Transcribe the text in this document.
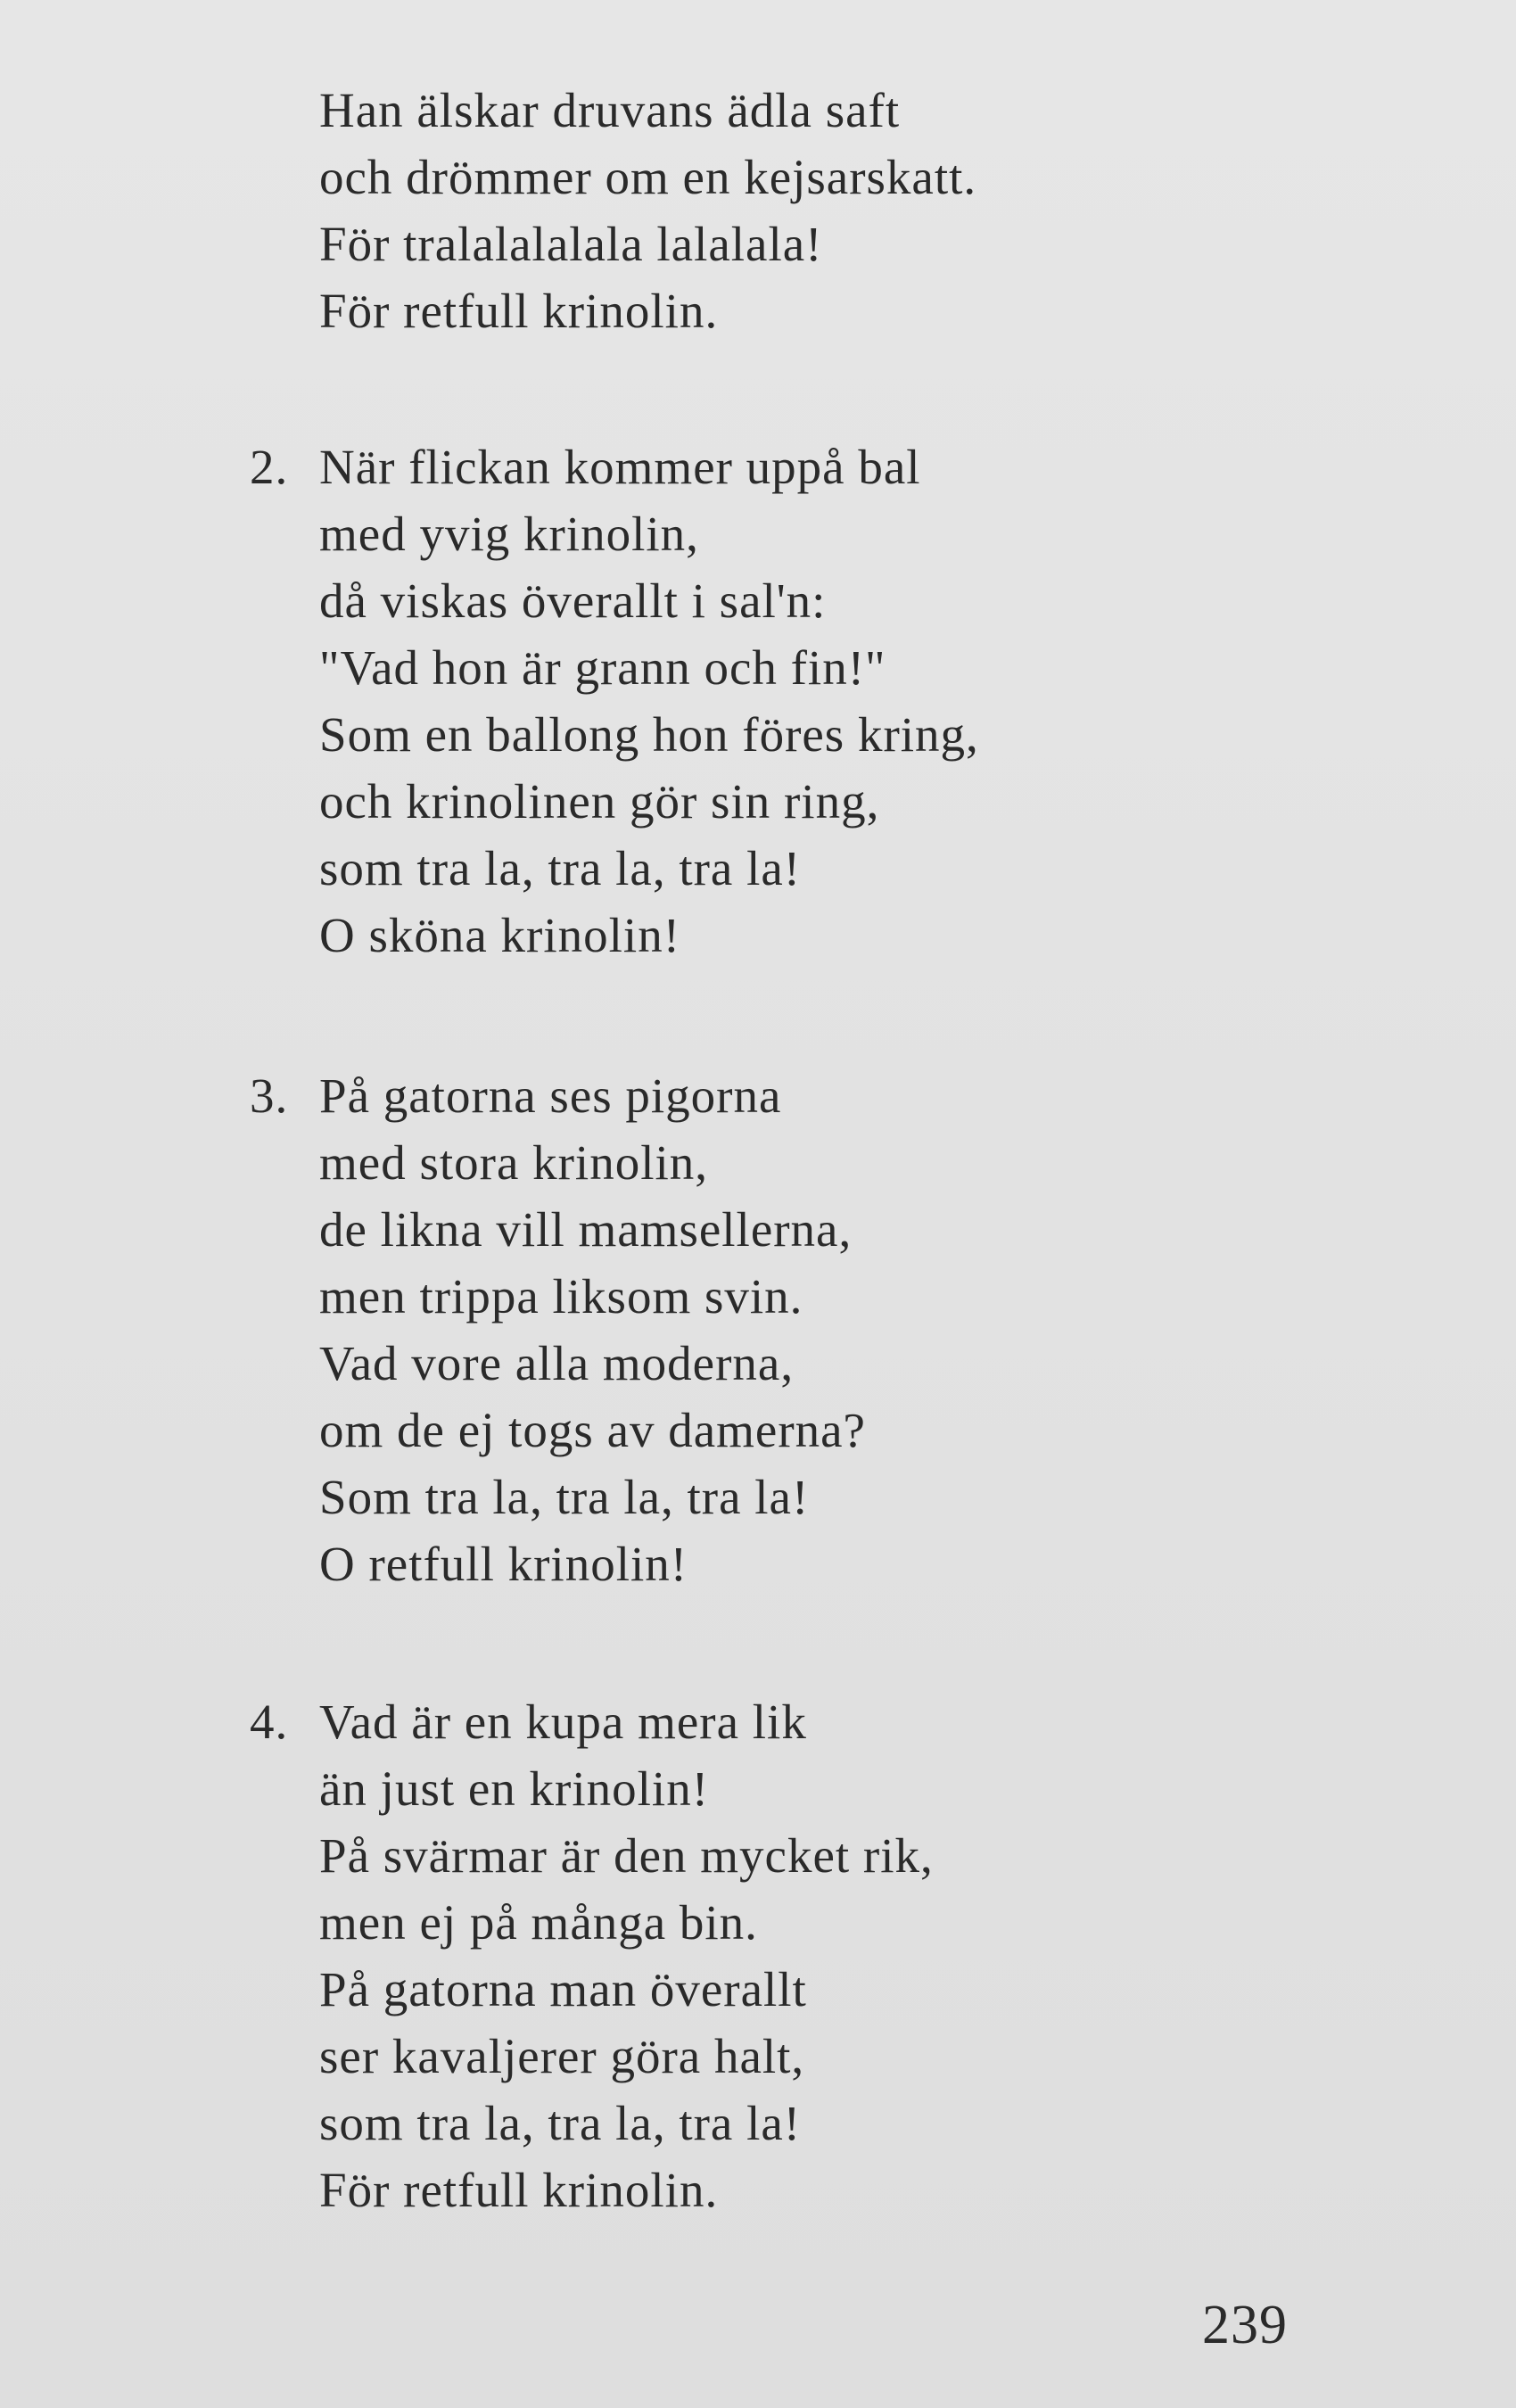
Han älskar druvans ädla saft
och drömmer om en kejsarskatt.
För tralalalalala lalalala!
För retfull krinolin.
2. När flickan kommer uppå bal
med yvig krinolin,
då viskas överallt i sal'n:
"Vad hon är grann och fin!"
Som en ballong hon föres kring,
och krinolinen gör sin ring,
som tra la, tra la, tra la!
O sköna krinolin!
3. På gatorna ses pigorna
med stora krinolin,
de likna vill mamsellerna,
men trippa liksom svin.
Vad vore alla moderna,
om de ej togs av damerna?
Som tra la, tra la, tra la!
O retfull krinolin!
4. Vad är en kupa mera lik
än just en krinolin!
På svärmar är den mycket rik,
men ej på många bin.
På gatorna man överallt
ser kavaljerer göra halt,
som tra la, tra la, tra la!
För retfull krinolin.
239
